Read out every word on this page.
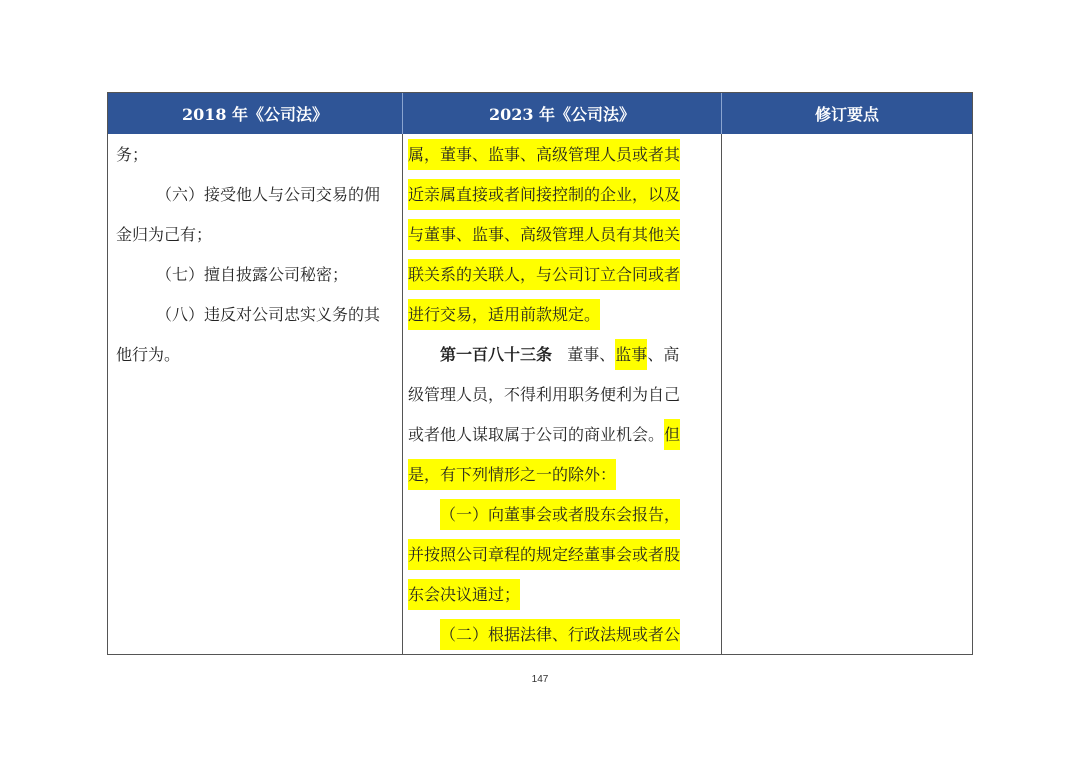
2018 年《公司法》	2023 年《公司法》	修订要点
务；
（六）接受他人与公司交易的佣
金归为己有；
（七）擅自披露公司秘密；
（八）违反对公司忠实义务的其
他行为。
属，董事、监事、高级管理人员或者其
近亲属直接或者间接控制的企业，以及
与董事、监事、高级管理人员有其他关
联关系的关联人，与公司订立合同或者
进行交易，适用前款规定。
第一百八十三条 董事、监事、高
级管理人员，不得利用职务便利为自己
或者他人谋取属于公司的商业机会。但
是，有下列情形之一的除外：
（一）向董事会或者股东会报告，
并按照公司章程的规定经董事会或者股
东会决议通过；
（二）根据法律、行政法规或者公
147
